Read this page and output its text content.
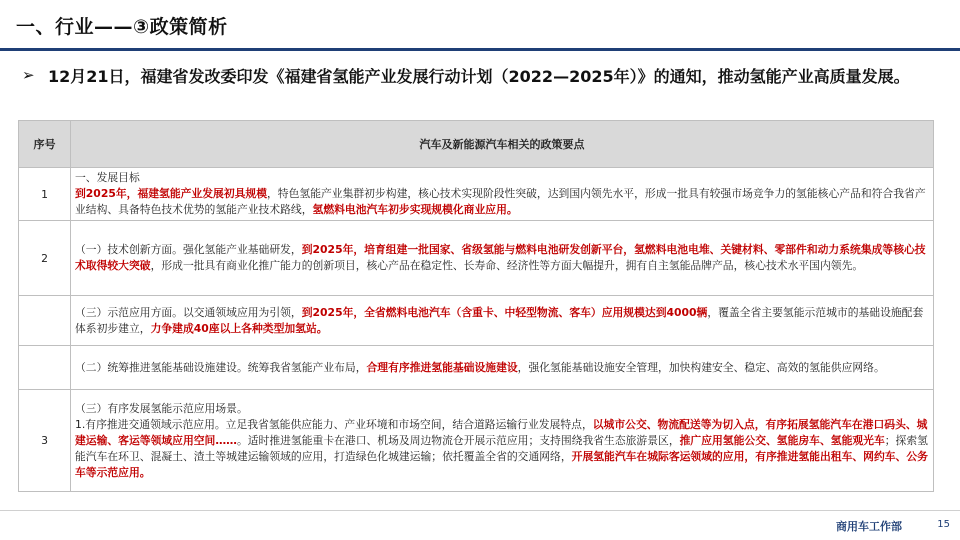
一、行业——③政策简析
➢ 12月21日，福建省发改委印发《福建省氢能产业发展行动计划（2022—2025年）》的通知，推动氢能产业高质量发展。
序号	汽车及新能源汽车相关的政策要点
1	一、发展目标
到2025年，福建氢能产业发展初具规模，特色氢能产业集群初步构建，核心技术实现阶段性突破，达到国内领先水平，形成一批具有较强市场竞争力的氢能核心产品和符合我省产业结构、具备特色技术优势的氢能产业技术路线，氢燃料电池汽车初步实现规模化商业应用。
2	（一）技术创新方面。强化氢能产业基础研发，到2025年，培育组建一批国家、省级氢能与燃料电池研发创新平台，氢燃料电池电堆、关键材料、零部件和动力系统集成等核心技术取得较大突破，形成一批具有商业化推广能力的创新项目，核心产品在稳定性、长寿命、经济性等方面大幅提升，拥有自主氢能品牌产品，核心技术水平国内领先。
	（三）示范应用方面。以交通领域应用为引领，到2025年，全省燃料电池汽车（含重卡、中轻型物流、客车）应用规模达到4000辆，覆盖全省主要氢能示范城市的基础设施配套体系初步建立，力争建成40座以上各种类型加氢站。
	（二）统筹推进氢能基础设施建设。统筹我省氢能产业布局，合理有序推进氢能基础设施建设，强化氢能基础设施安全管理，加快构建安全、稳定、高效的氢能供应网络。
3	（三）有序发展氢能示范应用场景。
1.有序推进交通领域示范应用。立足我省氢能供应能力、产业环境和市场空间，结合道路运输行业发展特点，以城市公交、物流配送等为切入点，有序拓展氢能汽车在港口码头、城建运输、客运等领域应用空间……。适时推进氢能重卡在港口、机场及周边物流仓开展示范应用；支持围绕我省生态旅游景区，推广应用氢能公交、氢能房车、氢能观光车；探索氢能汽车在环卫、混凝土、渣土等城建运输领域的应用，打造绿色化城建运输；依托覆盖全省的交通网络，开展氢能汽车在城际客运领域的应用，有序推进氢能出租车、网约车、公务车等示范应用。
商用车工作部	15
